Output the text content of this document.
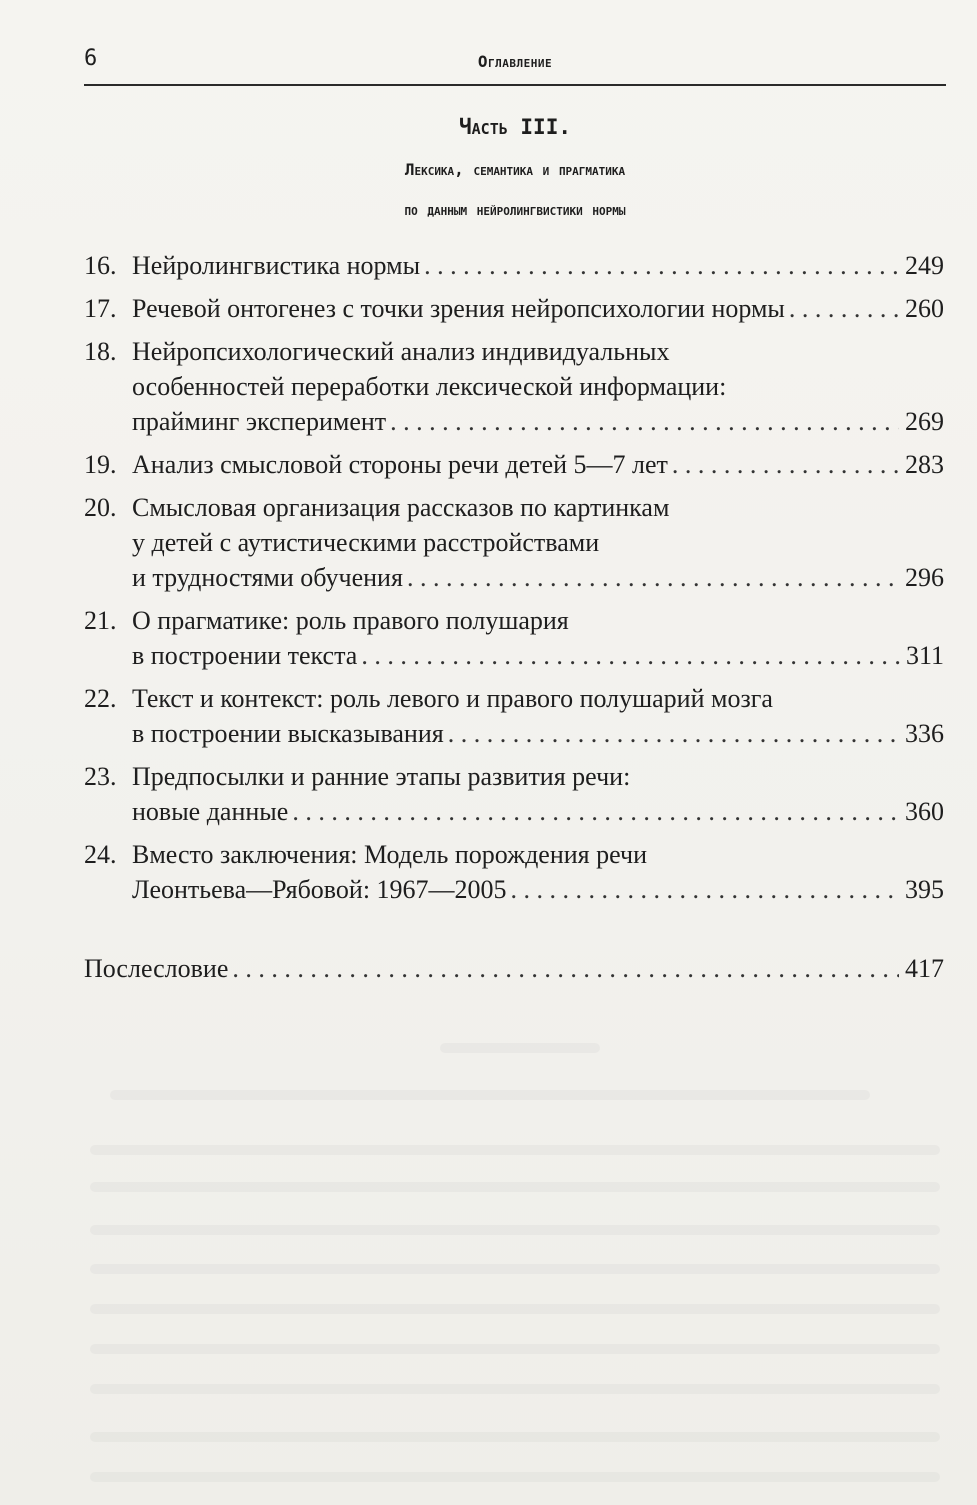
6	Оглавление
Часть III.
Лексика, семантика и прагматика
по данным нейролингвистики нормы
16. Нейролингвистика нормы . . .	249
17. Речевой онтогенез с точки зрения нейропсихологии нормы . . .	260
18. Нейропсихологический анализ индивидуальных
особенностей переработки лексической информации:
прайминг эксперимент . . .	269
19. Анализ смысловой стороны речи детей 5—7 лет . . .	283
20. Смысловая организация рассказов по картинкам
у детей с аутистическими расстройствами
и трудностями обучения . . .	296
21. О прагматике: роль правого полушария
в построении текста . . .	311
22. Текст и контекст: роль левого и правого полушарий мозга
в построении высказывания . . .	336
23. Предпосылки и ранние этапы развития речи:
новые данные . . .	360
24. Вместо заключения: Модель порождения речи
Леонтьева—Рябовой: 1967—2005 . . .	395
Послесловие . . .	417
